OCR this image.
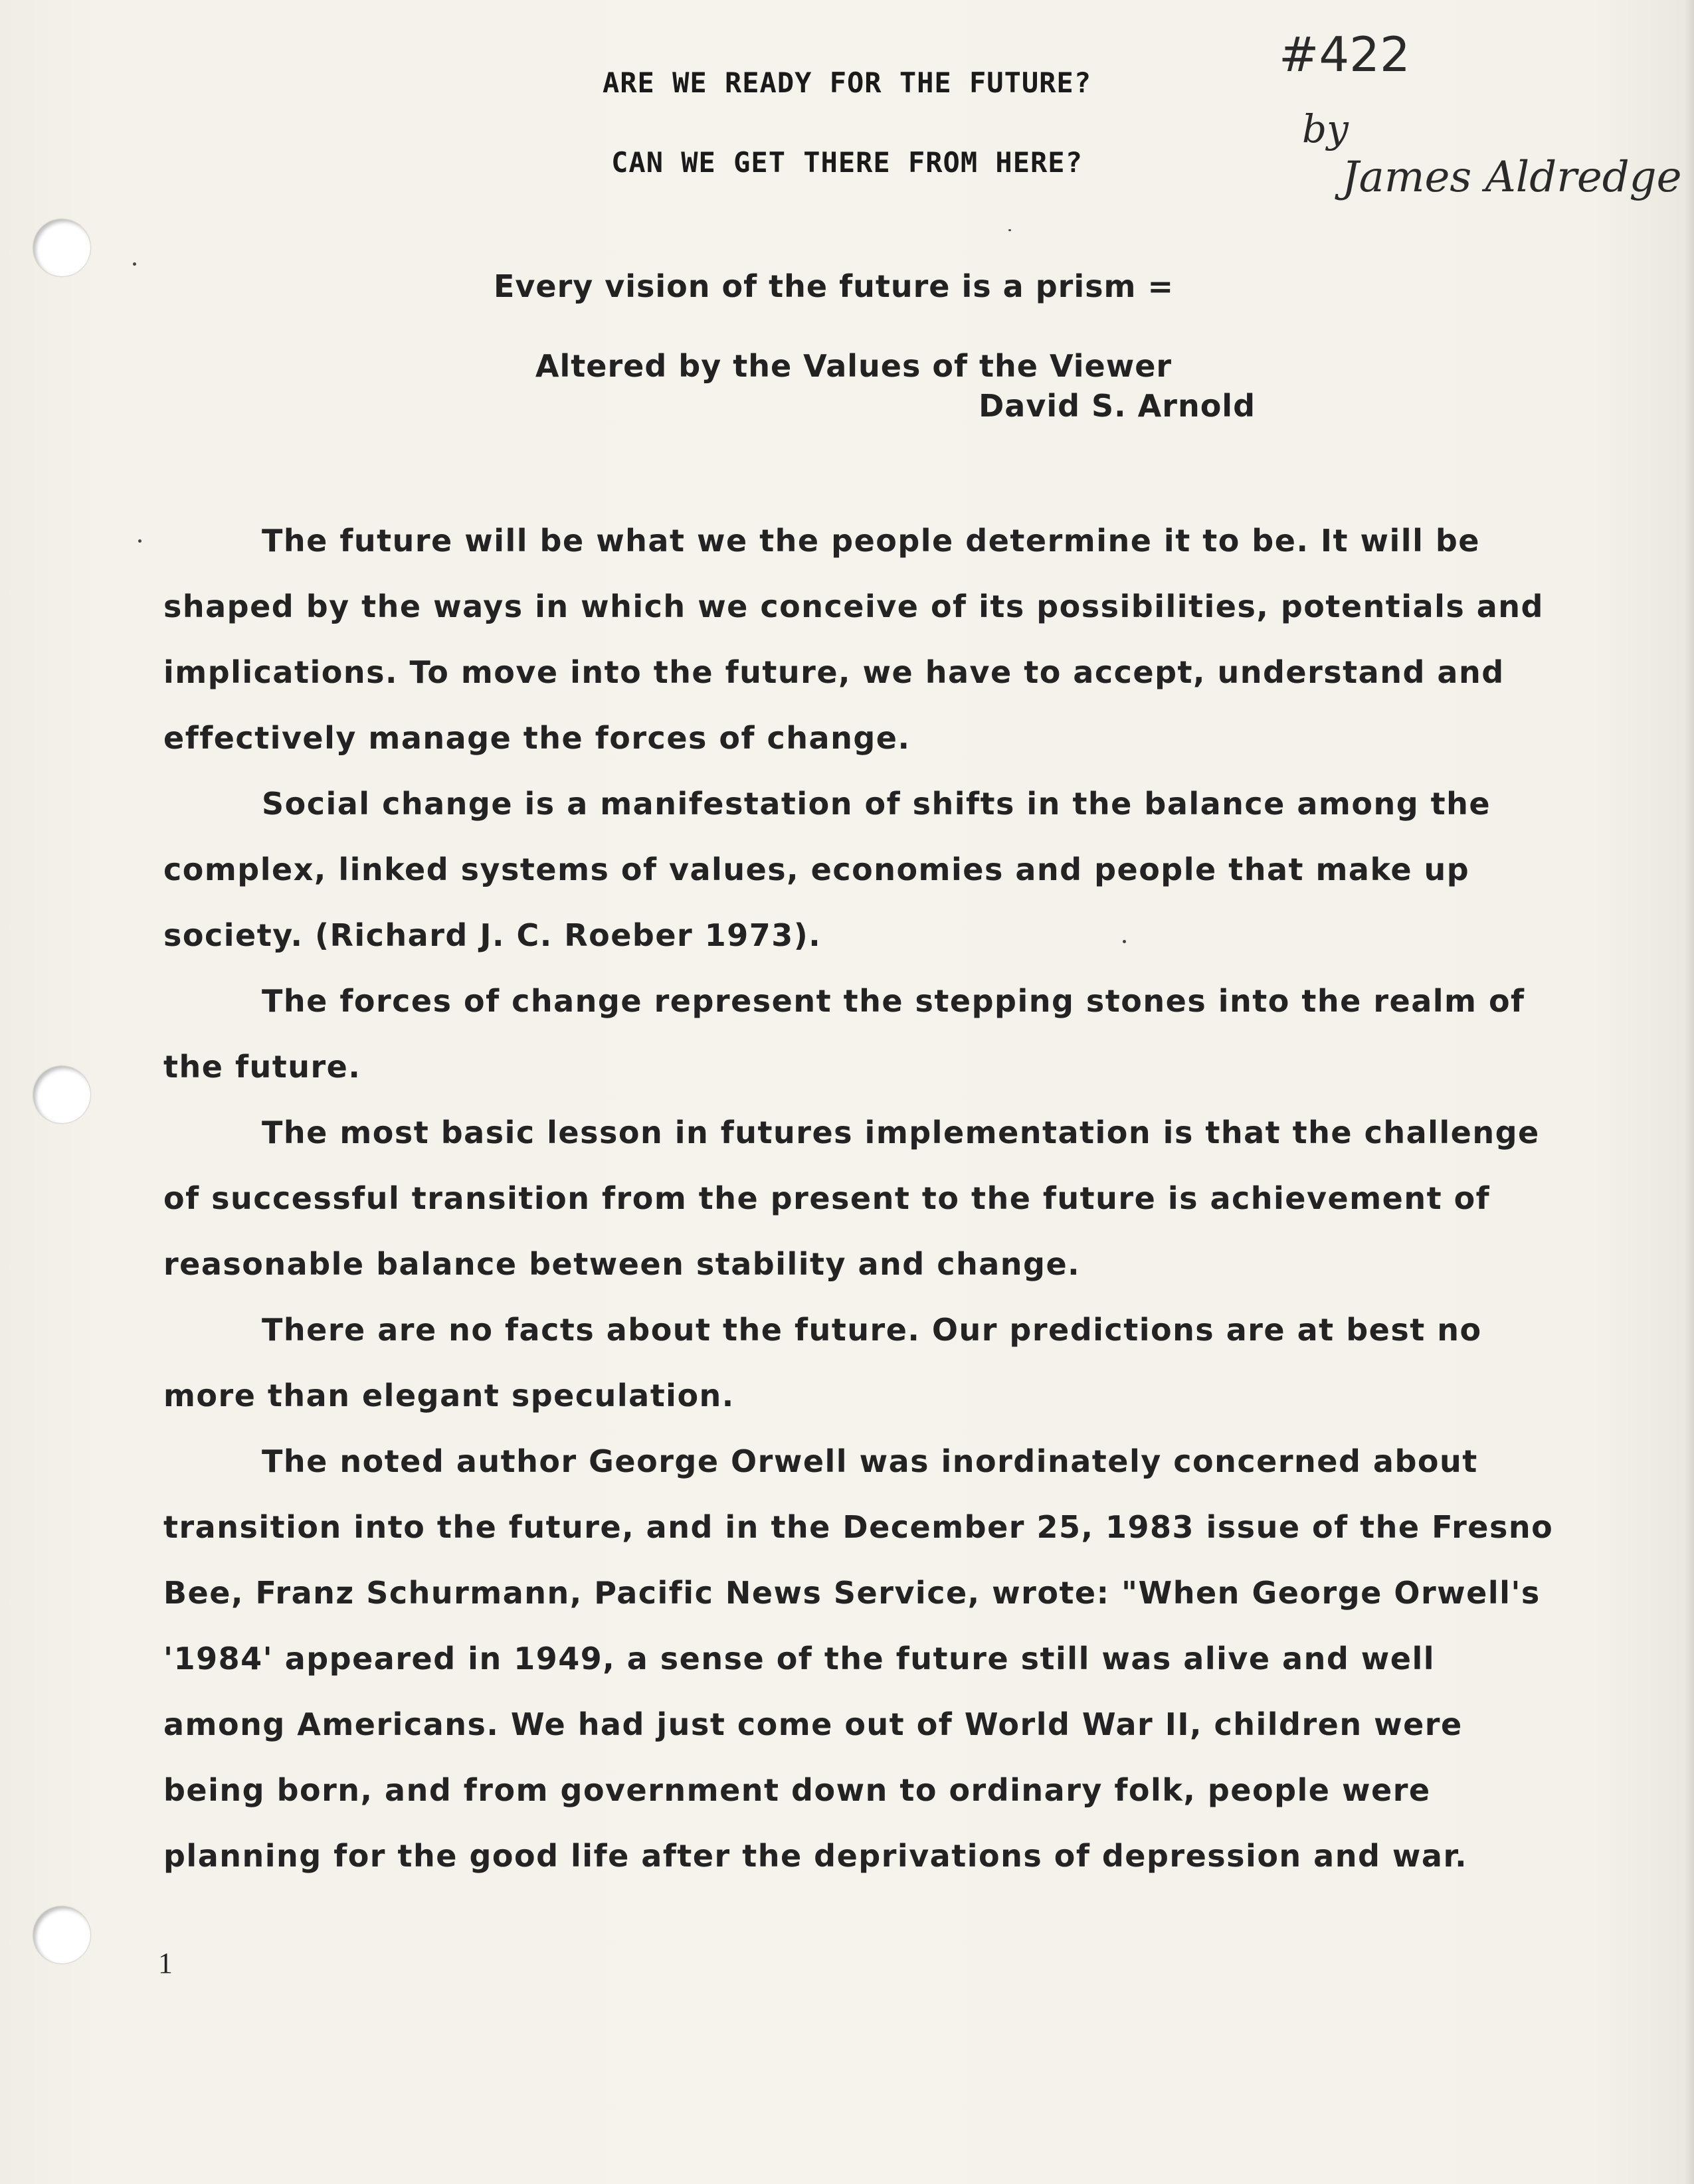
ARE WE READY FOR THE FUTURE?
CAN WE GET THERE FROM HERE?
#422
by
James Aldredge
Every vision of the future is a prism =
Altered by the Values of the Viewer
David S. Arnold

The future will be what we the people determine it to be. It will be shaped by the ways in which we conceive of its possibilities, potentials and implications. To move into the future, we have to accept, understand and effectively manage the forces of change.

Social change is a manifestation of shifts in the balance among the complex, linked systems of values, economies and people that make up society. (Richard J. C. Roeber 1973).

The forces of change represent the stepping stones into the realm of the future.

The most basic lesson in futures implementation is that the challenge of successful transition from the present to the future is achievement of reasonable balance between stability and change.

There are no facts about the future. Our predictions are at best no more than elegant speculation.

The noted author George Orwell was inordinately concerned about transition into the future, and in the December 25, 1983 issue of the Fresno Bee, Franz Schurmann, Pacific News Service, wrote: "When George Orwell's '1984' appeared in 1949, a sense of the future still was alive and well among Americans. We had just come out of World War II, children were being born, and from government down to ordinary folk, people were planning for the good life after the deprivations of depression and war.

1
